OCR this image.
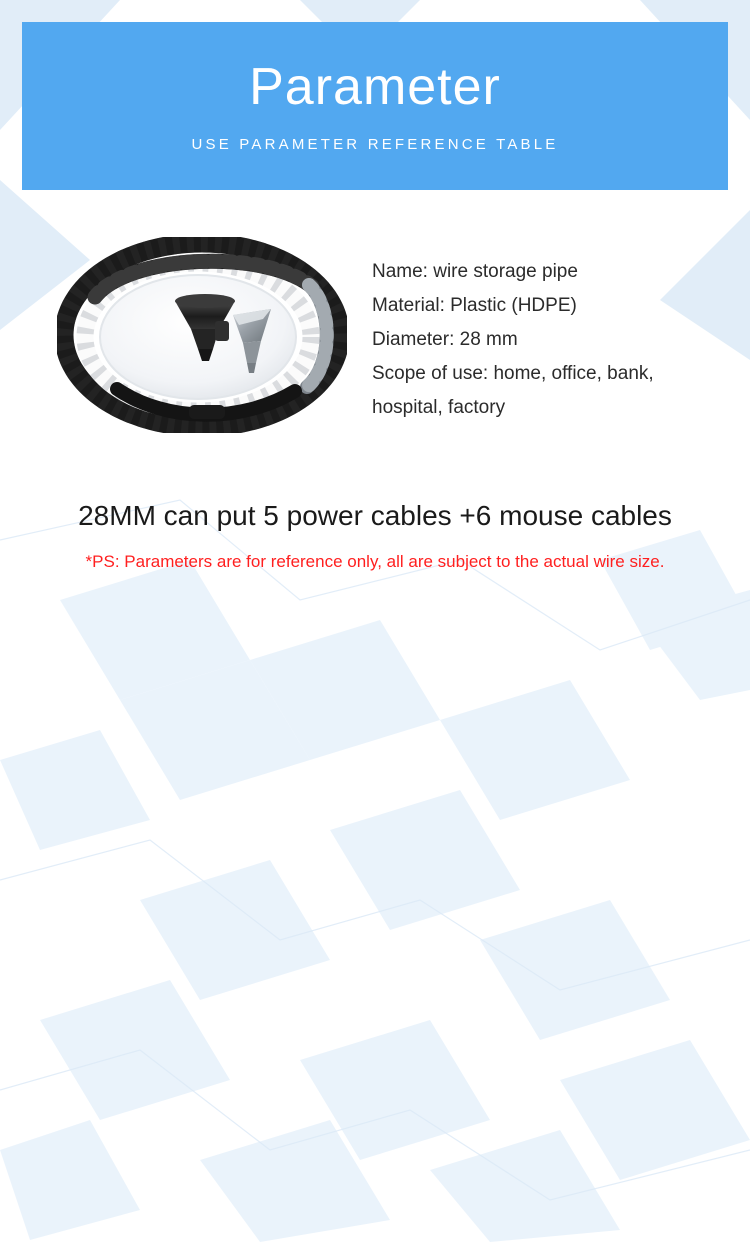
Parameter
USE PARAMETER REFERENCE TABLE
Name: wire storage pipe
Material: Plastic (HDPE)
Diameter: 28 mm
Scope of use: home, office, bank,
hospital, factory
28MM can put 5 power cables +6 mouse cables
*PS: Parameters are for reference only, all are subject to the actual wire size.
